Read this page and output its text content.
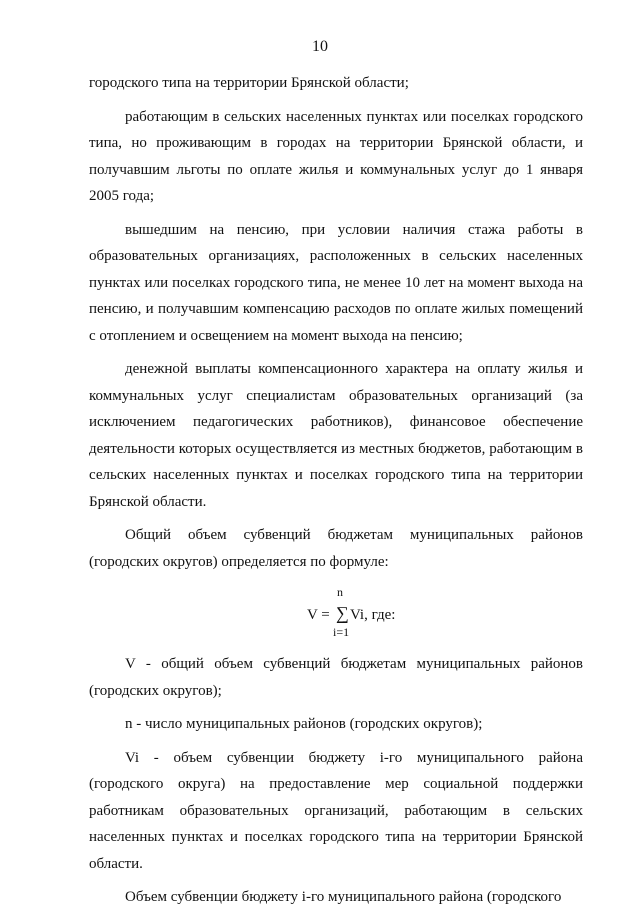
10

городского типа на территории Брянской области;

работающим в сельских населенных пунктах или поселках городского типа, но проживающим в городах на территории Брянской области, и получавшим льготы по оплате жилья и коммунальных услуг до 1 января 2005 года;

вышедшим на пенсию, при условии наличия стажа работы в образовательных организациях, расположенных в сельских населенных пунктах или поселках городского типа, не менее 10 лет на момент выхода на пенсию, и получавшим компенсацию расходов по оплате жилых помещений с отоплением и освещением на момент выхода на пенсию;

денежной выплаты компенсационного характера на оплату жилья и коммунальных услуг специалистам образовательных организаций (за исключением педагогических работников), финансовое обеспечение деятельности которых осуществляется из местных бюджетов, работающим в сельских населенных пунктах и поселках городского типа на территории Брянской области.

Общий объем субвенций бюджетам муниципальных районов (городских округов) определяется по формуле:

n
V = ∑ Vi, где:
i=1

V - общий объем субвенций бюджетам муниципальных районов (городских округов);

n - число муниципальных районов (городских округов);

Vi - объем субвенции бюджету i-го муниципального района (городского округа) на предоставление мер социальной поддержки работникам образовательных организаций, работающим в сельских населенных пунктах и поселках городского типа на территории Брянской области.

Объем субвенции бюджету i-го муниципального района (городского
